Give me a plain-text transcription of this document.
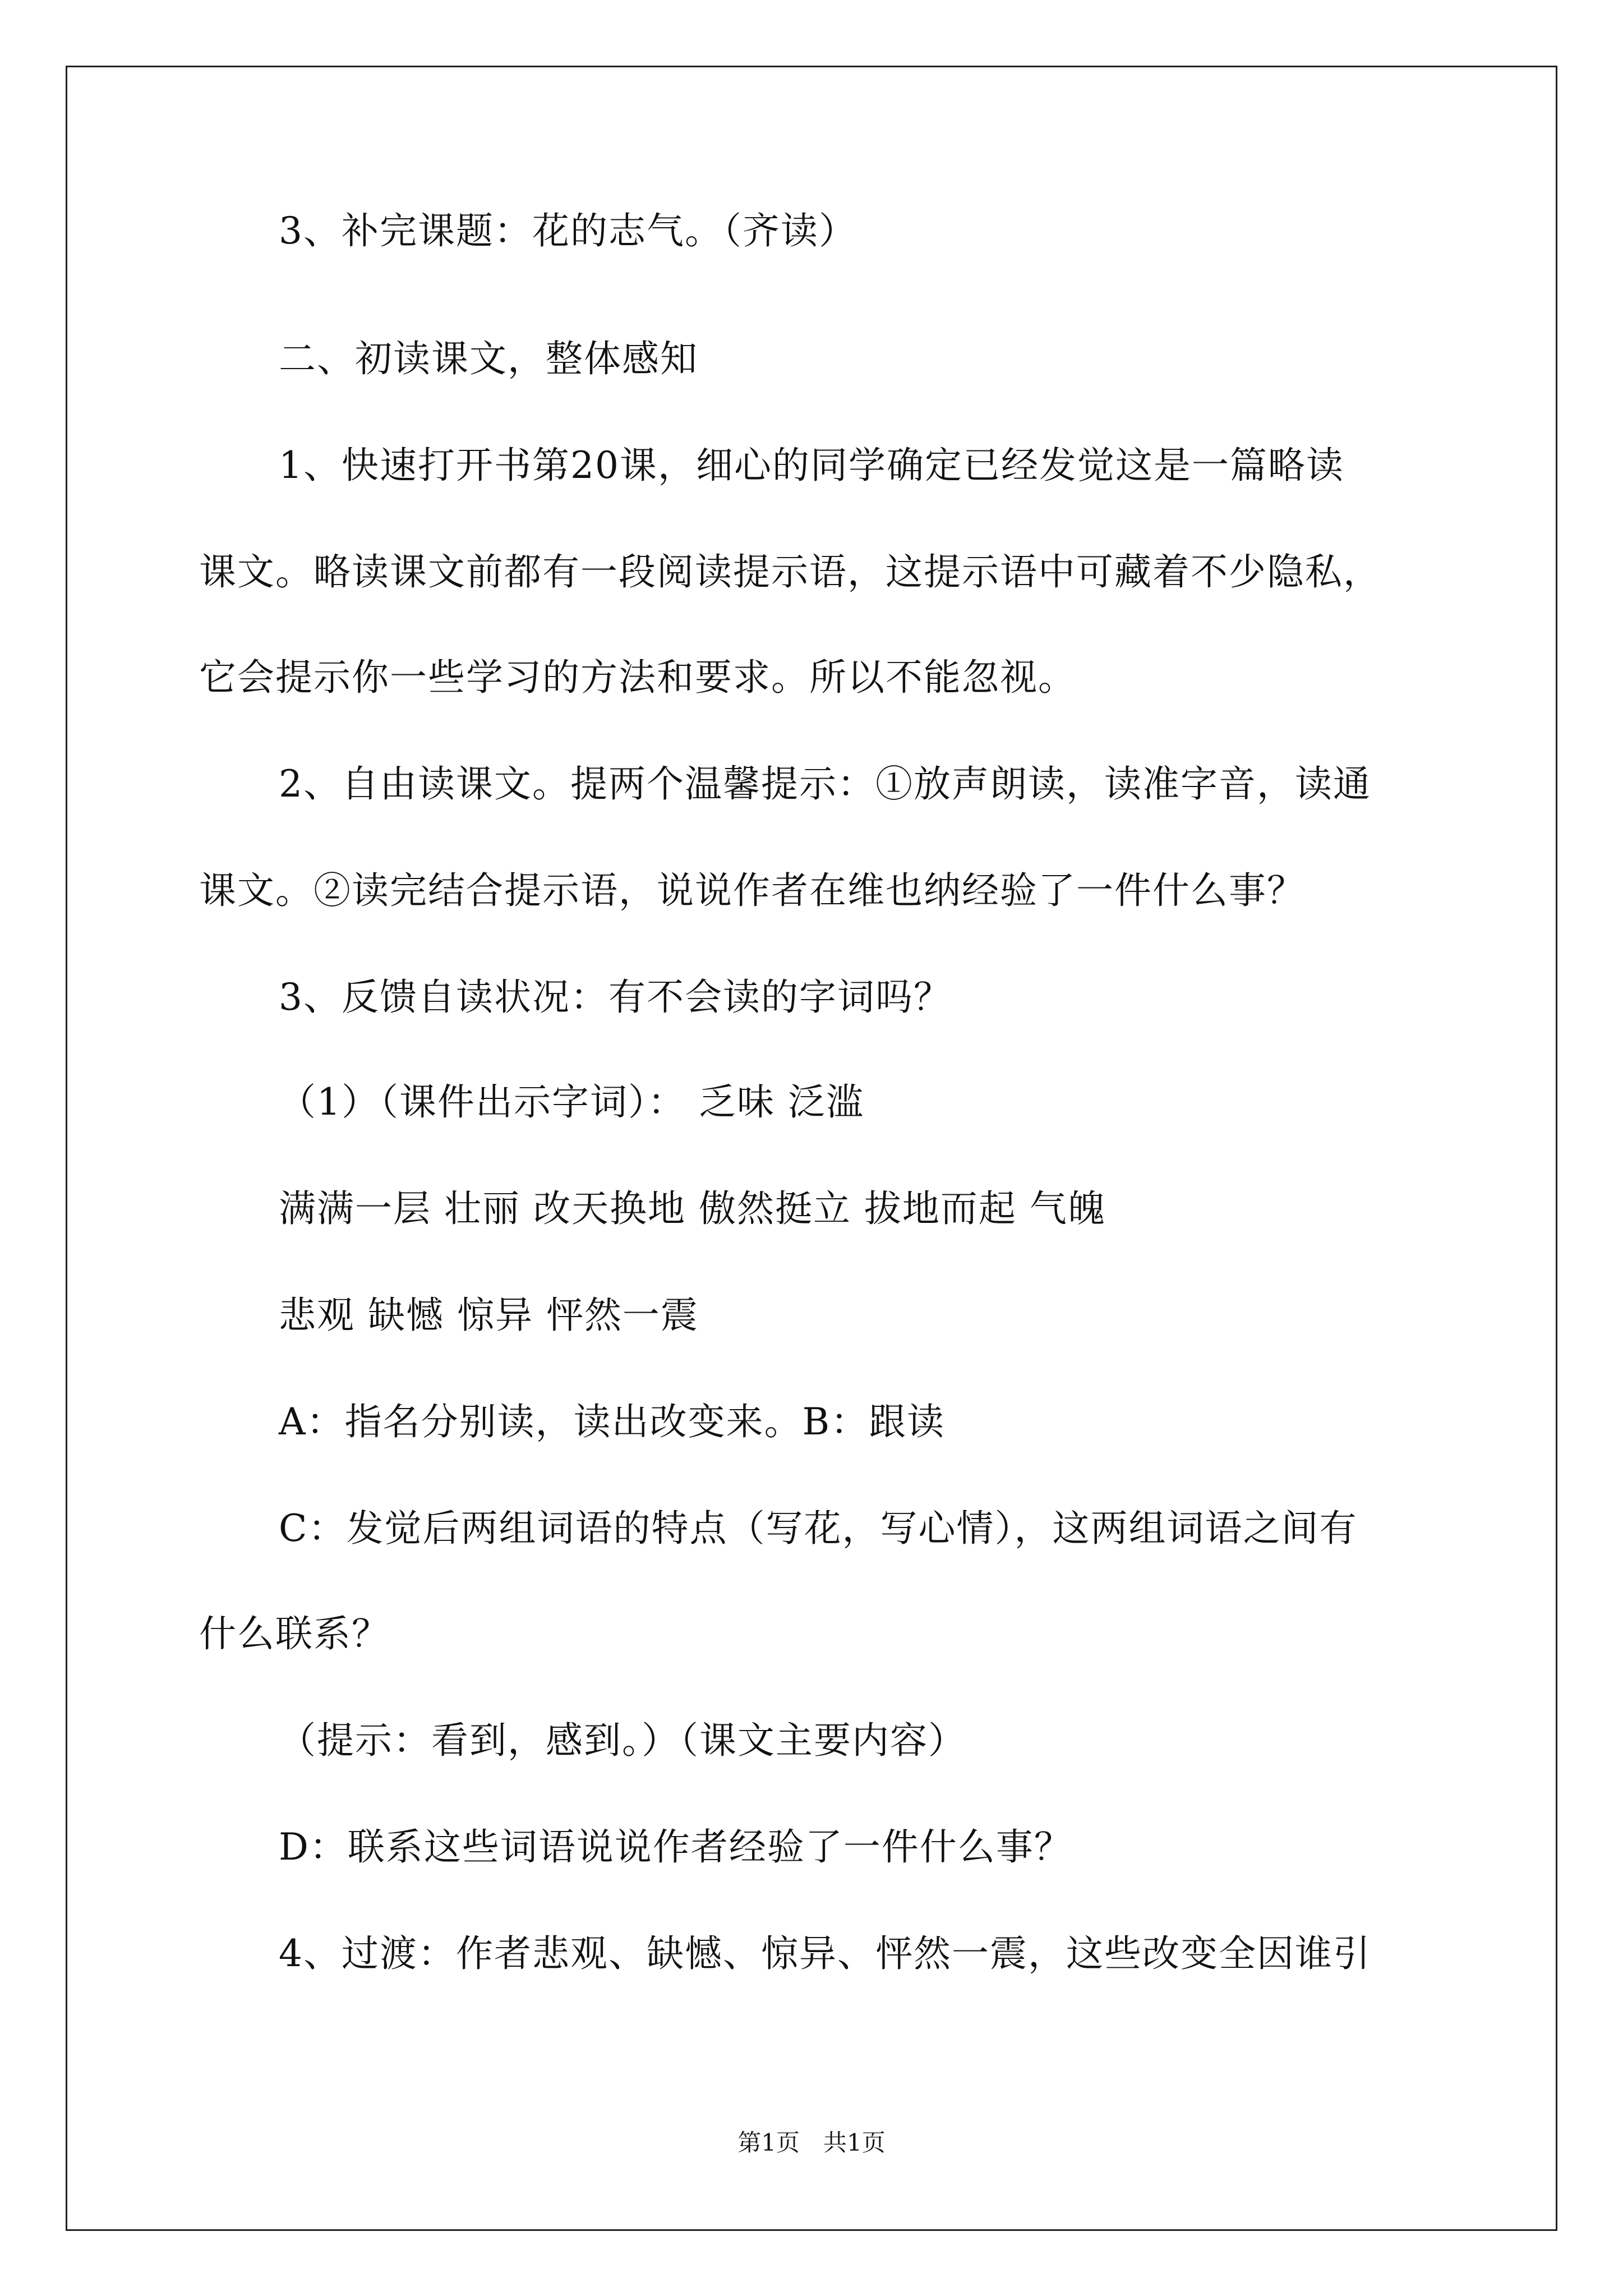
3、补完课题：花的志气。（齐读）
二、初读课文，整体感知
1、快速打开书第20课，细心的同学确定已经发觉这是一篇略读
课文。略读课文前都有一段阅读提示语，这提示语中可藏着不少隐私，
它会提示你一些学习的方法和要求。所以不能忽视。
2、自由读课文。提两个温馨提示：①放声朗读，读准字音，读通
课文。②读完结合提示语，说说作者在维也纳经验了一件什么事？
3、反馈自读状况：有不会读的字词吗？
（1）（课件出示字词）： 乏味 泛滥
满满一层 壮丽 改天换地 傲然挺立 拔地而起 气魄
悲观 缺憾 惊异 怦然一震
A：指名分别读，读出改变来。B：跟读
C：发觉后两组词语的特点（写花，写心情），这两组词语之间有
什么联系？
（提示：看到，感到。）（课文主要内容）
D：联系这些词语说说作者经验了一件什么事？
4、过渡：作者悲观、缺憾、惊异、怦然一震，这些改变全因谁引
第1页　共1页
